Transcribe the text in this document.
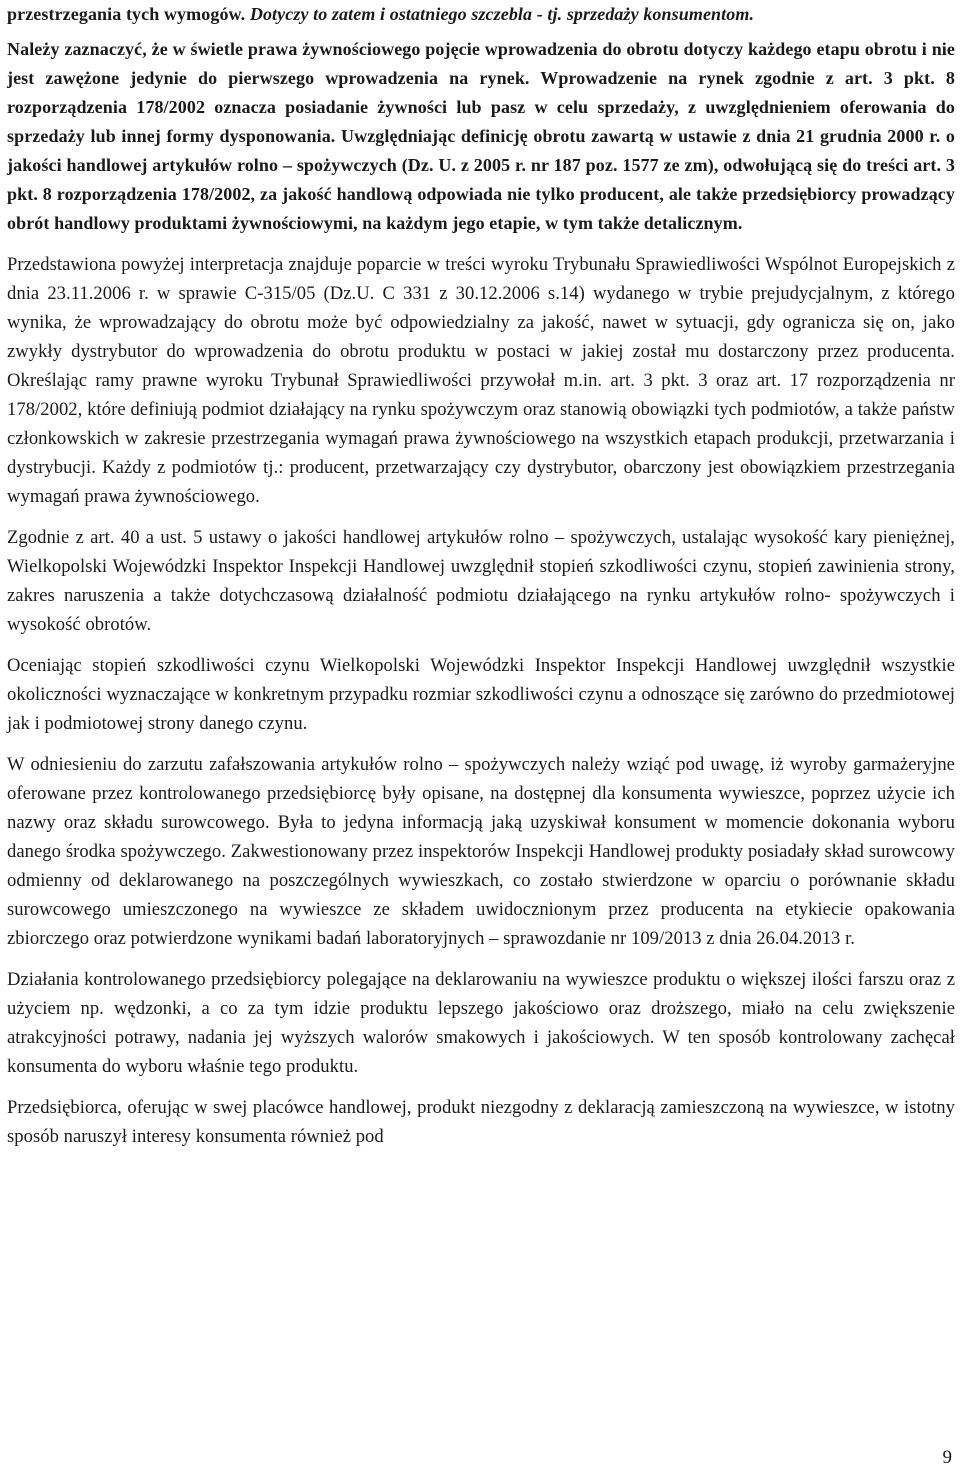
przestrzegania tych wymogów. Dotyczy to zatem i ostatniego szczebla - tj. sprzedaży konsumentom.

Należy zaznaczyć, że w świetle prawa żywnościowego pojęcie wprowadzenia do obrotu dotyczy każdego etapu obrotu i nie jest zawężone jedynie do pierwszego wprowadzenia na rynek. Wprowadzenie na rynek zgodnie z art. 3 pkt. 8 rozporządzenia 178/2002 oznacza posiadanie żywności lub pasz w celu sprzedaży, z uwzględnieniem oferowania do sprzedaży lub innej formy dysponowania. Uwzględniając definicję obrotu zawartą w ustawie z dnia 21 grudnia 2000 r. o jakości handlowej artykułów rolno – spożywczych (Dz. U. z 2005 r. nr 187 poz. 1577 ze zm), odwołującą się do treści art. 3 pkt. 8 rozporządzenia 178/2002, za jakość handlową odpowiada nie tylko producent, ale także przedsiębiorcy prowadzący obrót handlowy produktami żywnościowymi, na każdym jego etapie, w tym także detalicznym.

Przedstawiona powyżej interpretacja znajduje poparcie w treści wyroku Trybunału Sprawiedliwości Wspólnot Europejskich z dnia 23.11.2006 r. w sprawie C-315/05 (Dz.U. C 331 z 30.12.2006 s.14) wydanego w trybie prejudycjalnym, z którego wynika, że wprowadzający do obrotu może być odpowiedzialny za jakość, nawet w sytuacji, gdy ogranicza się on, jako zwykły dystrybutor do wprowadzenia do obrotu produktu w postaci w jakiej został mu dostarczony przez producenta. Określając ramy prawne wyroku Trybunał Sprawiedliwości przywołał m.in. art. 3 pkt. 3 oraz art. 17 rozporządzenia nr 178/2002, które definiują podmiot działający na rynku spożywczym oraz stanowią obowiązki tych podmiotów, a także państw członkowskich w zakresie przestrzegania wymagań prawa żywnościowego na wszystkich etapach produkcji, przetwarzania i dystrybucji. Każdy z podmiotów tj.: producent, przetwarzający czy dystrybutor, obarczony jest obowiązkiem przestrzegania wymagań prawa żywnościowego.

Zgodnie z art. 40 a ust. 5 ustawy o jakości handlowej artykułów rolno – spożywczych, ustalając wysokość kary pieniężnej, Wielkopolski Wojewódzki Inspektor Inspekcji Handlowej uwzględnił stopień szkodliwości czynu, stopień zawinienia strony, zakres naruszenia a także dotychczasową działalność podmiotu działającego na rynku artykułów rolno- spożywczych i wysokość obrotów.

Oceniając stopień szkodliwości czynu Wielkopolski Wojewódzki Inspektor Inspekcji Handlowej uwzględnił wszystkie okoliczności wyznaczające w konkretnym przypadku rozmiar szkodliwości czynu a odnoszące się zarówno do przedmiotowej jak i podmiotowej strony danego czynu.

W odniesieniu do zarzutu zafałszowania artykułów rolno – spożywczych należy wziąć pod uwagę, iż wyroby garmażeryjne oferowane przez kontrolowanego przedsiębiorcę były opisane, na dostępnej dla konsumenta wywieszce, poprzez użycie ich nazwy oraz składu surowcowego. Była to jedyna informacją jaką uzyskiwał konsument w momencie dokonania wyboru danego środka spożywczego. Zakwestionowany przez inspektorów Inspekcji Handlowej produkty posiadały skład surowcowy odmienny od deklarowanego na poszczególnych wywieszkach, co zostało stwierdzone w oparciu o porównanie składu surowcowego umieszczonego na wywieszce ze składem uwidocznionym przez producenta na etykiecie opakowania zbiorczego oraz potwierdzone wynikami badań laboratoryjnych – sprawozdanie nr 109/2013 z dnia 26.04.2013 r.

Działania kontrolowanego przedsiębiorcy polegające na deklarowaniu na wywieszce produktu o większej ilości farszu oraz z użyciem np. wędzonki, a co za tym idzie produktu lepszego jakościowo oraz droższego, miało na celu zwiększenie atrakcyjności potrawy, nadania jej wyższych walorów smakowych i jakościowych. W ten sposób kontrolowany zachęcał konsumenta do wyboru właśnie tego produktu.

Przedsiębiorca, oferując w swej placówce handlowej, produkt niezgodny z deklaracją zamieszczoną na wywieszce, w istotny sposób naruszył interesy konsumenta również pod

9
